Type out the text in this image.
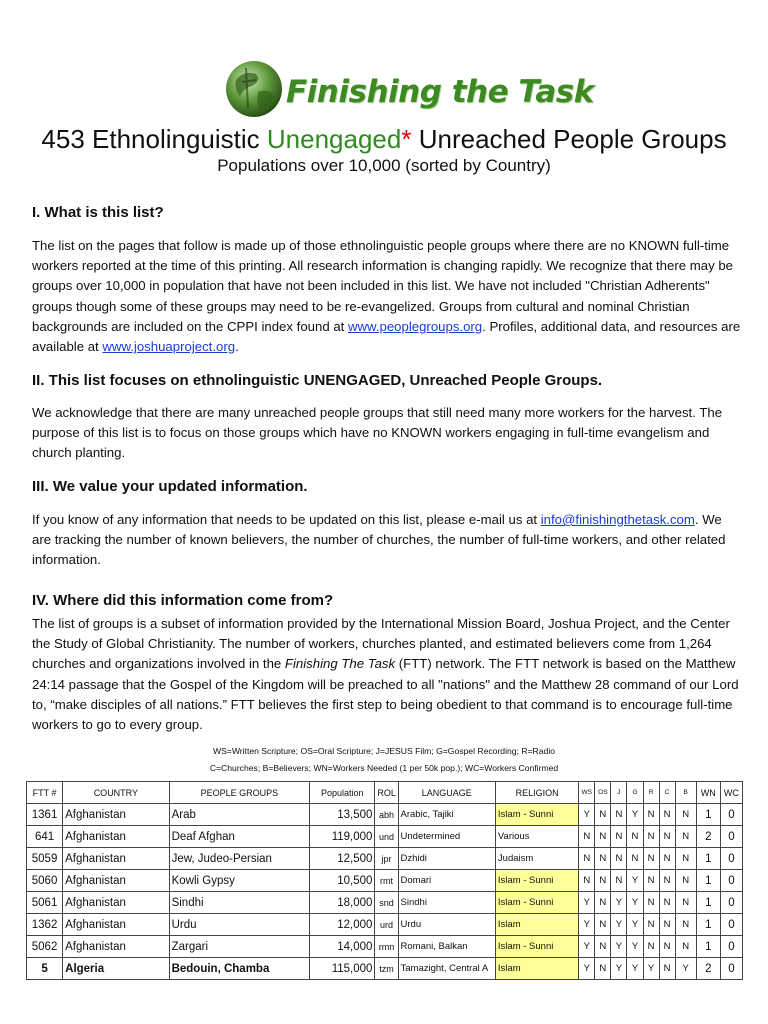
Finishing the Task
453 Ethnolinguistic Unengaged* Unreached People Groups
Populations over 10,000 (sorted by Country)
I. What is this list?
The list on the pages that follow is made up of those ethnolinguistic people groups where there are no KNOWN full-time workers reported at the time of this printing. All research information is changing rapidly. We recognize that there may be groups over 10,000 in population that have not been included in this list. We have not included "Christian Adherents" groups though some of these groups may need to be re-evangelized. Groups from cultural and nominal Christian backgrounds are included on the CPPI index found at www.peoplegroups.org. Profiles, additional data, and resources are available at www.joshuaproject.org.
II. This list focuses on ethnolinguistic UNENGAGED, Unreached People Groups.
We acknowledge that there are many unreached people groups that still need many more workers for the harvest. The purpose of this list is to focus on those groups which have no KNOWN workers engaging in full-time evangelism and church planting.
III. We value your updated information.
If you know of any information that needs to be updated on this list, please e-mail us at info@finishingthetask.com. We are tracking the number of known believers, the number of churches, the number of full-time workers, and other related information.
IV. Where did this information come from?
The list of groups is a subset of information provided by the International Mission Board, Joshua Project, and the Center the Study of Global Christianity. The number of workers, churches planted, and estimated believers come from 1,264 churches and organizations involved in the Finishing The Task (FTT) network. The FTT network is based on the Matthew 24:14 passage that the Gospel of the Kingdom will be preached to all "nations" and the Matthew 28 command of our Lord to, “make disciples of all nations.” FTT believes the first step to being obedient to that command is to encourage full-time workers to go to every group.
WS=Written Scripture; OS=Oral Scripture; J=JESUS Film; G=Gospel Recording; R=Radio
C=Churches; B=Believers; WN=Workers Needed (1 per 50k pop.); WC=Workers Confirmed
FTT #	COUNTRY	PEOPLE GROUPS	Population	ROL	LANGUAGE	RELIGION	WS	OS	J	G	R	C	B	WN	WC
1361	Afghanistan	Arab	13,500	abh	Arabic, Tajiki	Islam - Sunni	Y	N	N	Y	N	N	N	1	0
641	Afghanistan	Deaf Afghan	119,000	und	Undetermined	Various	N	N	N	N	N	N	N	2	0
5059	Afghanistan	Jew, Judeo-Persian	12,500	jpr	Dzhidi	Judaism	N	N	N	N	N	N	N	1	0
5060	Afghanistan	Kowli Gypsy	10,500	rmt	Domari	Islam - Sunni	N	N	N	Y	N	N	N	1	0
5061	Afghanistan	Sindhi	18,000	snd	Sindhi	Islam - Sunni	Y	N	Y	Y	N	N	N	1	0
1362	Afghanistan	Urdu	12,000	urd	Urdu	Islam	Y	N	Y	Y	N	N	N	1	0
5062	Afghanistan	Zargari	14,000	rmn	Romani, Balkan	Islam - Sunni	Y	N	Y	Y	N	N	N	1	0
5	Algeria	Bedouin, Chamba	115,000	tzm	Tamazight, Central A	Islam	Y	N	Y	Y	Y	N	Y	2	0
